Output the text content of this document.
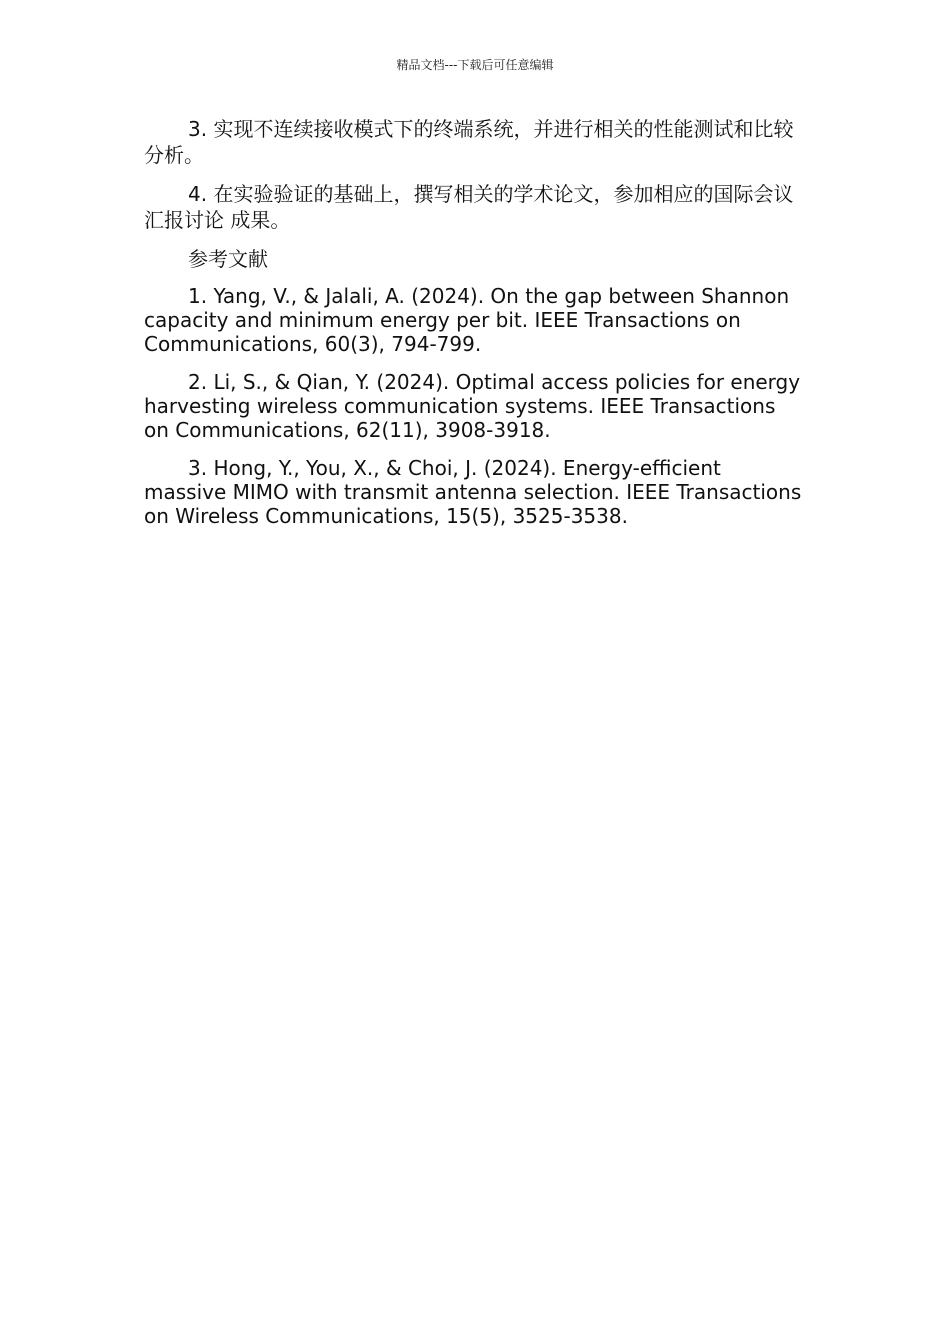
精品文档---下载后可任意编辑

3. 实现不连续接收模式下的终端系统，并进行相关的性能测试和比较分析。

4. 在实验验证的基础上，撰写相关的学术论文，参加相应的国际会议汇报讨论 成果。

参考文献

1. Yang, V., & Jalali, A. (2024). On the gap between Shannon capacity and minimum energy per bit. IEEE Transactions on Communications, 60(3), 794-799.

2. Li, S., & Qian, Y. (2024). Optimal access policies for energy harvesting wireless communication systems. IEEE Transactions on Communications, 62(11), 3908-3918.

3. Hong, Y., You, X., & Choi, J. (2024). Energy-efficient massive MIMO with transmit antenna selection. IEEE Transactions on Wireless Communications, 15(5), 3525-3538.
